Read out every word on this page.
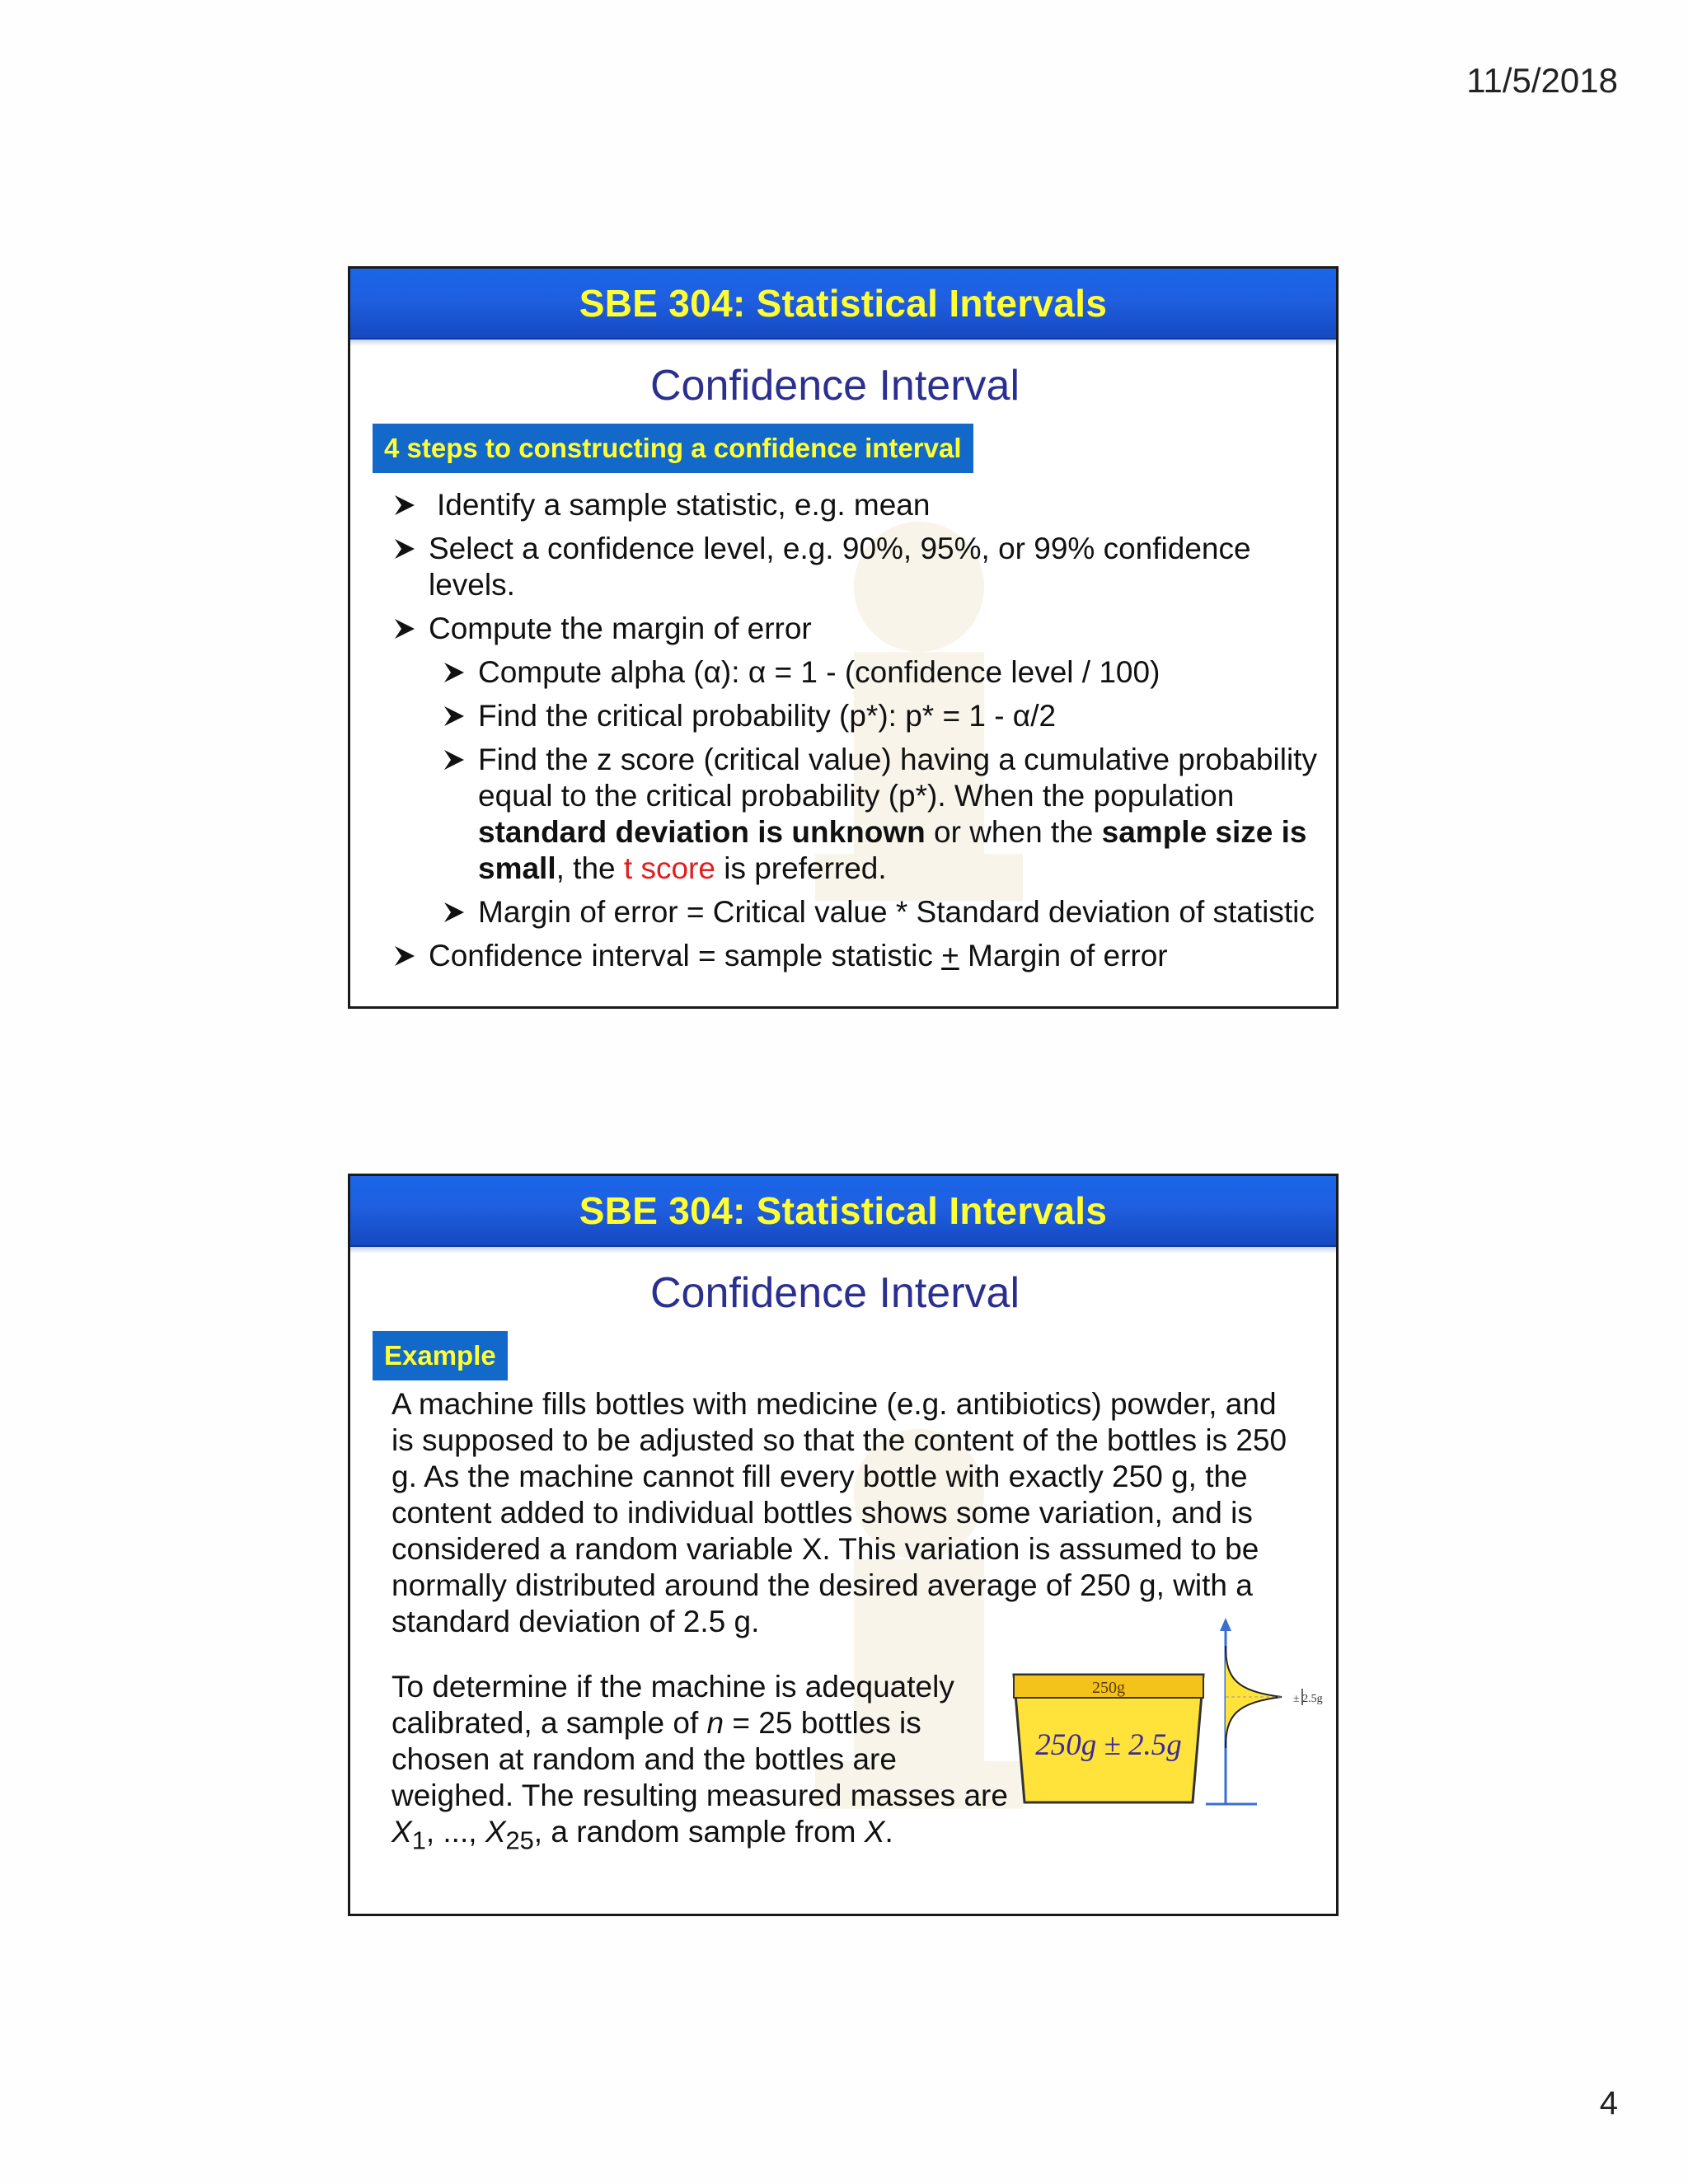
11/5/2018
SBE 304: Statistical Intervals
Confidence Interval
4 steps to constructing a confidence interval
Identify a sample statistic, e.g. mean
Select a confidence level, e.g. 90%, 95%, or 99% confidence levels.
Compute the margin of error
Compute alpha (α): α = 1 - (confidence level / 100)
Find the critical probability (p*): p* = 1 - α/2
Find the z score (critical value) having a cumulative probability equal to the critical probability (p*). When the population standard deviation is unknown or when the sample size is small, the t score is preferred.
Margin of error = Critical value * Standard deviation of statistic
Confidence interval = sample statistic + Margin of error
SBE 304: Statistical Intervals
Confidence Interval
Example
A machine fills bottles with medicine (e.g. antibiotics) powder, and is supposed to be adjusted so that the content of the bottles is 250 g. As the machine cannot fill every bottle with exactly 250 g, the content added to individual bottles shows some variation, and is considered a random variable X. This variation is assumed to be normally distributed around the desired average of 250 g, with a standard deviation of 2.5 g.
To determine if the machine is adequately calibrated, a sample of n = 25 bottles is chosen at random and the bottles are weighed. The resulting measured masses are $X_1$, ..., $X_{25}$, a random sample from X.
250g
250g ± 2.5g
± 2.5g
4
